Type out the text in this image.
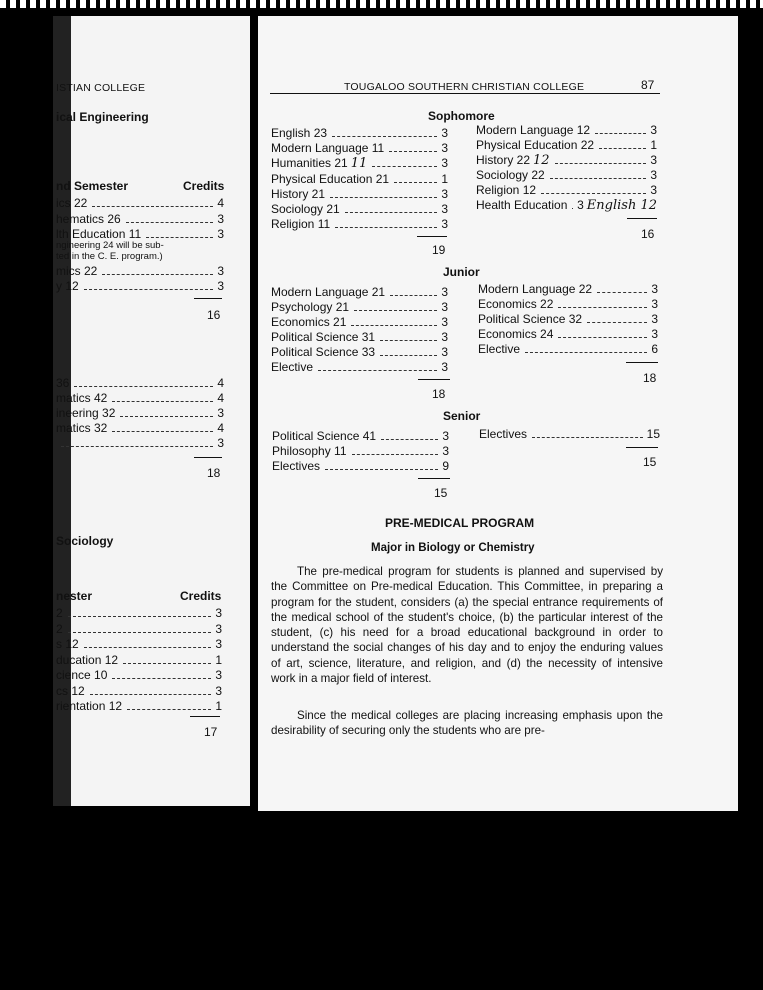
ISTIAN COLLEGE
ical Engineering
nd Semester	Credits
ics 22	4
hematics 26	3
lth Education 11	3
ngineering 24 will be sub-
ted in the C. E. program.)
mics 22	3
y 12	3
16
36	4
matics 42	4
ineering 32	3
matics 32	4
3
18
Sociology
nester	Credits
2	3
2	3
s 12	3
ducation 12	1
cience 10	3
cs 12	3
rientation 12	1
17
TOUGALOO SOUTHERN CHRISTIAN COLLEGE	87
Sophomore
English 23	3
Modern Language 11	3
Humanities 21 11	3
Physical Education 21	1
History 21	3
Sociology 21	3
Religion 11	3
Modern Language 12	3
Physical Education 22	1
History 22 12	3
Sociology 22	3
Religion 12	3
Health Education 3 English 12
19
16
Junior
Modern Language 21	3
Psychology 21	3
Economics 21	3
Political Science 31	3
Political Science 33	3
Elective	3
Modern Language 22	3
Economics 22	3
Political Science 32	3
Economics 24	3
Elective	6
18
18
Senior
Political Science 41	3
Philosophy 11	3
Electives	9
Electives	15
15
15
PRE-MEDICAL PROGRAM
Major in Biology or Chemistry

The pre-medical program for students is planned and supervised by the Committee on Pre-medical Education. This Committee, in preparing a program for the student, considers (a) the special entrance requirements of the medical school of the student's choice, (b) the particular interest of the student, (c) his need for a broad educational background in order to understand the social changes of his day and to enjoy the enduring values of art, science, literature, and religion, and (d) the necessity of intensive work in a major field of interest.

Since the medical colleges are placing increasing emphasis upon the desirability of securing only the students who are pre-
